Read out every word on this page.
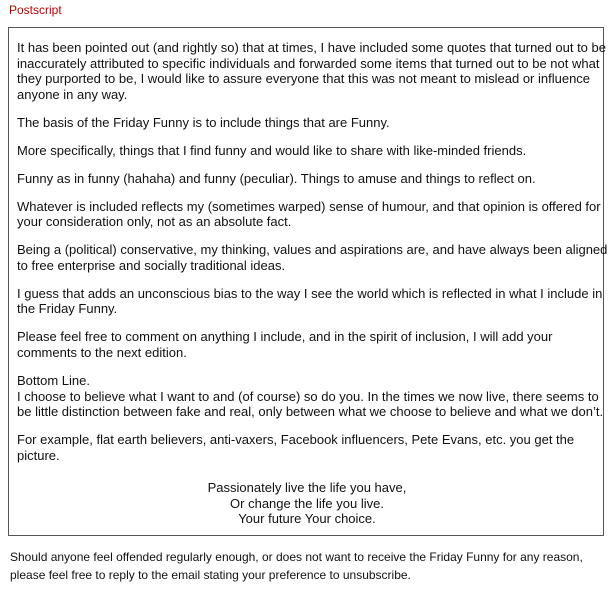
Postscript

It has been pointed out (and rightly so) that at times, I have included some quotes that turned out to be
inaccurately attributed to specific individuals and forwarded some items that turned out to be not what
they purported to be, I would like to assure everyone that this was not meant to mislead or influence
anyone in any way.

The basis of the Friday Funny is to include things that are Funny.

More specifically, things that I find funny and would like to share with like-minded friends.

Funny as in funny (hahaha) and funny (peculiar). Things to amuse and things to reflect on.

Whatever is included reflects my (sometimes warped) sense of humour, and that opinion is offered for
your consideration only, not as an absolute fact.

Being a (political) conservative, my thinking, values and aspirations are, and have always been aligned
to free enterprise and socially traditional ideas.

I guess that adds an unconscious bias to the way I see the world which is reflected in what I include in
the Friday Funny.

Please feel free to comment on anything I include, and in the spirit of inclusion, I will add your
comments to the next edition.

Bottom Line.
I choose to believe what I want to and (of course) so do you. In the times we now live, there seems to
be little distinction between fake and real, only between what we choose to believe and what we don’t.

For example, flat earth believers, anti-vaxers, Facebook influencers, Pete Evans, etc. you get the
picture.

Passionately live the life you have,
Or change the life you live.
Your future Your choice.
Should anyone feel offended regularly enough, or does not want to receive the Friday Funny for any reason,
please feel free to reply to the email stating your preference to unsubscribe.
